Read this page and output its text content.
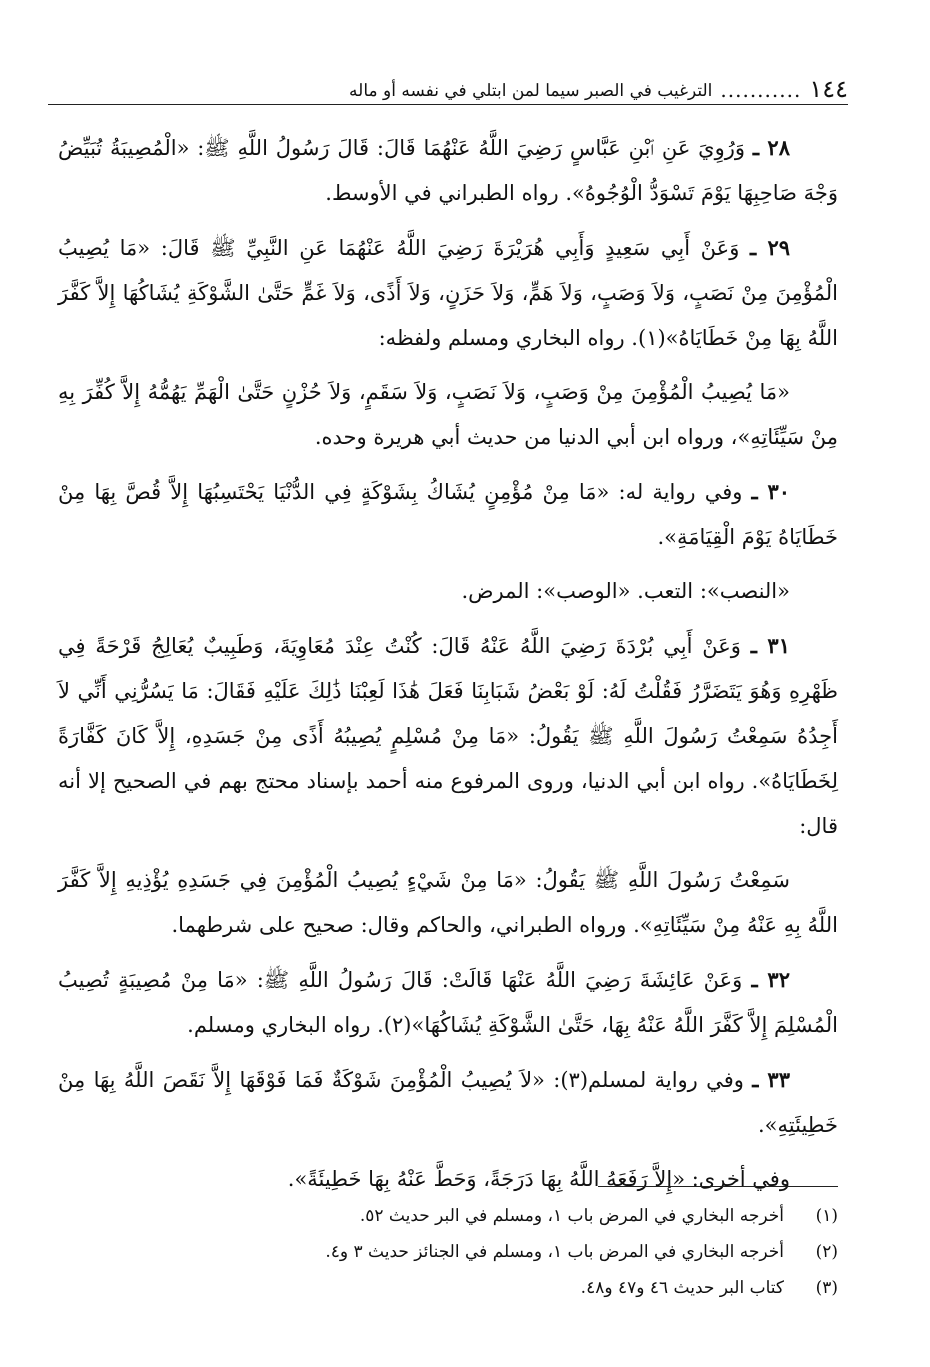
١٤٤
...........
الترغيب في الصبر سيما لمن ابتلي في نفسه أو ماله

٢٨ ـ وَرُوِيَ عَنِ ٱبْنِ عَبَّاسٍ رَضِيَ اللَّهُ عَنْهُمَا قَالَ: قَالَ رَسُولُ اللَّهِ ﷺ: «الْمُصِيبَةُ تُبَيِّضُ وَجْهَ صَاحِبِهَا يَوْمَ تَسْوَدُّ الْوُجُوهُ». رواه الطبراني في الأوسط.

٢٩ ـ وَعَنْ أَبِي سَعِيدٍ وَأَبِي هُرَيْرَةَ رَضِيَ اللَّهُ عَنْهُمَا عَنِ النَّبِيِّ ﷺ قَالَ: «مَا يُصِيبُ الْمُؤْمِنَ مِنْ نَصَبٍ، وَلاَ وَصَبٍ، وَلاَ هَمٍّ، وَلاَ حَزَنٍ، وَلاَ أَذًى، وَلاَ غَمٍّ حَتَّىٰ الشَّوْكَةِ يُشَاكُهَا إِلاَّ كَفَّرَ اللَّهُ بِهَا مِنْ خَطَايَاهُ»(١). رواه البخاري ومسلم ولفظه:

«مَا يُصِيبُ الْمُؤْمِنَ مِنْ وَصَبٍ، وَلاَ نَصَبٍ، وَلاَ سَقَمٍ، وَلاَ حُزْنٍ حَتَّىٰ الْهَمِّ يَهُمُّهُ إِلاَّ كُفِّرَ بِهِ مِنْ سَيِّئَاتِهِ»، ورواه ابن أبي الدنيا من حديث أبي هريرة وحده.

٣٠ ـ وفي رواية له: «مَا مِنْ مُؤْمِنٍ يُشَاكُ بِشَوْكَةٍ فِي الدُّنْيَا يَحْتَسِبُهَا إِلاَّ قُصَّ بِهَا مِنْ خَطَايَاهُ يَوْمَ الْقِيَامَةِ».

«النصب»: التعب. «الوصب»: المرض.

٣١ ـ وَعَنْ أَبِي بُرْدَةَ رَضِيَ اللَّهُ عَنْهُ قَالَ: كُنْتُ عِنْدَ مُعَاوِيَةَ، وَطَبِيبٌ يُعَالِجُ قَرْحَةً فِي ظَهْرِهِ وَهُوَ يَتَضَرَّرُ فَقُلْتُ لَهُ: لَوْ بَعْضُ شَبَابِنَا فَعَلَ هَٰذَا لَعِبْنَا ذَٰلِكَ عَلَيْهِ فَقَالَ: مَا يَسُرُّنِي أَنِّي لاَ أَجِدُهُ سَمِعْتُ رَسُولَ اللَّهِ ﷺ يَقُولُ: «مَا مِنْ مُسْلِمٍ يُصِيبُهُ أَذًى مِنْ جَسَدِهِ، إِلاَّ كَانَ كَفَّارَةً لِخَطَايَاهُ». رواه ابن أبي الدنيا، وروى المرفوع منه أحمد بإسناد محتج بهم في الصحيح إلا أنه قال:

سَمِعْتُ رَسُولَ اللَّهِ ﷺ يَقُولُ: «مَا مِنْ شَيْءٍ يُصِيبُ الْمُؤْمِنَ فِي جَسَدِهِ يُؤْذِيهِ إِلاَّ كَفَّرَ اللَّهُ بِهِ عَنْهُ مِنْ سَيِّئَاتِهِ». ورواه الطبراني، والحاكم وقال: صحيح على شرطهما.

٣٢ ـ وَعَنْ عَائِشَةَ رَضِيَ اللَّهُ عَنْهَا قَالَتْ: قَالَ رَسُولُ اللَّهِ ﷺ: «مَا مِنْ مُصِيبَةٍ تُصِيبُ الْمُسْلِمَ إِلاَّ كَفَّرَ اللَّهُ عَنْهُ بِهَا، حَتَّىٰ الشَّوْكَةِ يُشَاكُهَا»(٢). رواه البخاري ومسلم.

٣٣ ـ وفي رواية لمسلم(٣): «لاَ يُصِيبُ الْمُؤْمِنَ شَوْكَةٌ فَمَا فَوْقَهَا إِلاَّ نَقَصَ اللَّهُ بِهَا مِنْ خَطِيئَتِهِ».

وفي أخرى: «إِلاَّ رَفَعَهُ اللَّهُ بِهَا دَرَجَةً، وَحَطَّ عَنْهُ بِهَا خَطِيئَةً».

(١)
أخرجه البخاري في المرض باب ١، ومسلم في البر حديث ٥٢.
(٢)
أخرجه البخاري في المرض باب ١، ومسلم في الجنائز حديث ٣ و٤.
(٣)
كتاب البر حديث ٤٦ و٤٧ و٤٨.
